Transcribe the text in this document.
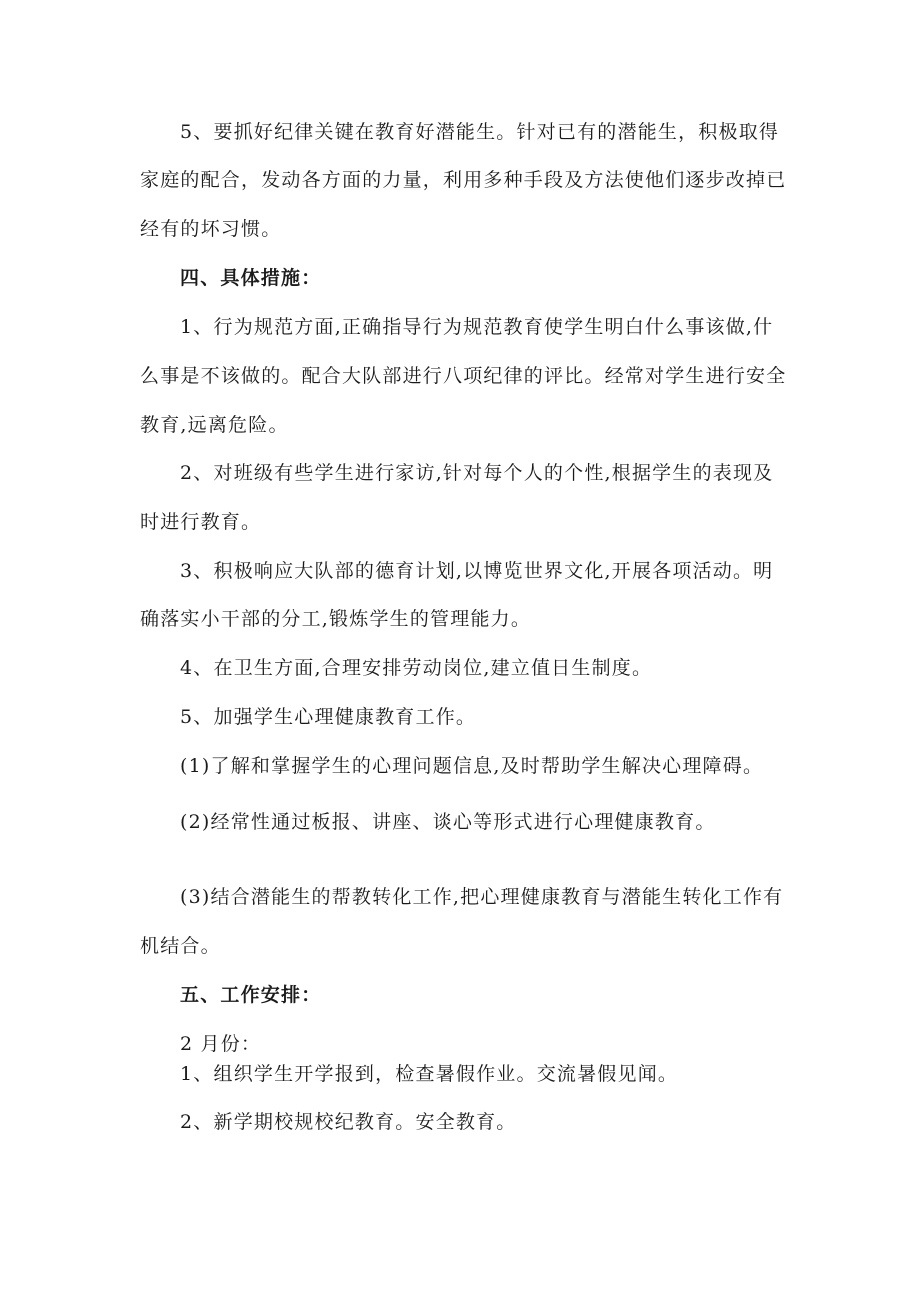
5、要抓好纪律关键在教育好潜能生。针对已有的潜能生，积极取得
家庭的配合，发动各方面的力量，利用多种手段及方法使他们逐步改掉已
经有的坏习惯。
四、具体措施：
1、行为规范方面,正确指导行为规范教育使学生明白什么事该做,什
么事是不该做的。配合大队部进行八项纪律的评比。经常对学生进行安全
教育,远离危险。
2、对班级有些学生进行家访,针对每个人的个性,根据学生的表现及
时进行教育。
3、积极响应大队部的德育计划,以博览世界文化,开展各项活动。明
确落实小干部的分工,锻炼学生的管理能力。
4、在卫生方面,合理安排劳动岗位,建立值日生制度。
5、加强学生心理健康教育工作。
(1)了解和掌握学生的心理问题信息,及时帮助学生解决心理障碍。
(2)经常性通过板报、讲座、谈心等形式进行心理健康教育。
(3)结合潜能生的帮教转化工作,把心理健康教育与潜能生转化工作有
机结合。
五、工作安排：
2 月份：
1、组织学生开学报到，检查暑假作业。交流暑假见闻。
2、新学期校规校纪教育。安全教育。
